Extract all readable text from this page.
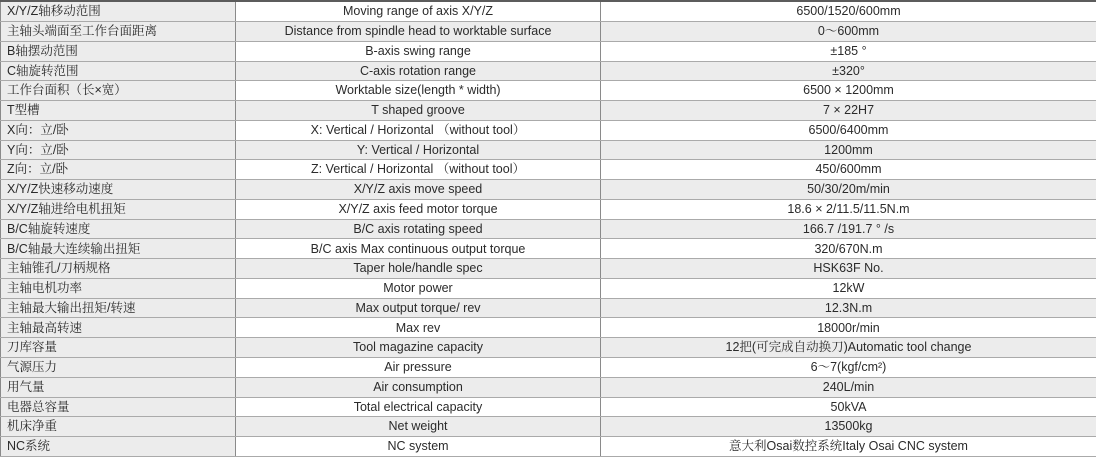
X/Y/Z轴移动范围	Moving range of axis X/Y/Z	6500/1520/600mm
主轴头端面至工作台面距离	Distance from spindle head to worktable surface	0～600mm
B轴摆动范围	B-axis swing range	±185 °
C轴旋转范围	C-axis rotation range	±320°
工作台面积（长×宽）	Worktable size(length * width)	6500 × 1200mm
T型槽	T shaped groove	7 × 22H7
X向：立/卧	X: Vertical / Horizontal （without tool）	6500/6400mm
Y向：立/卧	Y: Vertical / Horizontal	1200mm
Z向：立/卧	Z: Vertical / Horizontal （without tool）	450/600mm
X/Y/Z快速移动速度	X/Y/Z axis move speed	50/30/20m/min
X/Y/Z轴进给电机扭矩	X/Y/Z axis feed motor torque	18.6 × 2/11.5/11.5N.m
B/C轴旋转速度	B/C axis rotating speed	166.7 /191.7 ° /s
B/C轴最大连续输出扭矩	B/C axis Max continuous output torque	320/670N.m
主轴锥孔/刀柄规格	Taper hole/handle spec	HSK63F No.
主轴电机功率	Motor power	12kW
主轴最大输出扭矩/转速	Max output torque/ rev	12.3N.m
主轴最高转速	Max rev	18000r/min
刀库容量	Tool magazine capacity	12把(可完成自动换刀)Automatic tool change
气源压力	Air pressure	6～7(kgf/cm²)
用气量	Air consumption	240L/min
电器总容量	Total electrical capacity	50kVA
机床净重	Net weight	13500kg
NC系统	NC system	意大利Osai数控系统Italy Osai CNC system
